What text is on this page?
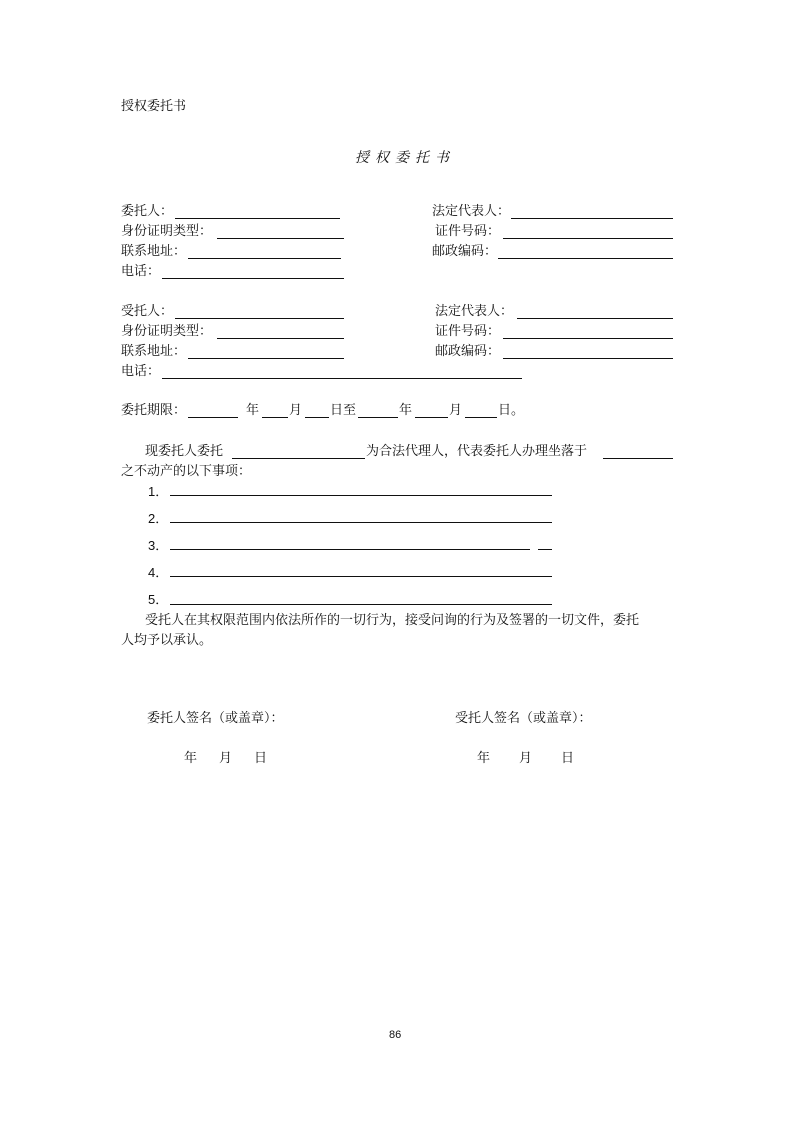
授权委托书
授权委托书
委托人：	法定代表人：
身份证明类型：	证件号码：
联系地址：	邮政编码：
电话：
受托人：	法定代表人：
身份证明类型：	证件号码：
联系地址：	邮政编码：
电话：
委托期限：	年 月 日至	年	月	日。
现委托人委托	为合法代理人，代表委托人办理坐落于
之不动产的以下事项：
1．
2．
3．
4．
5．
受托人在其权限范围内依法所作的一切行为，接受问询的行为及签署的一切文件，委托
人均予以承认。
委托人签名（或盖章）：	受托人签名（或盖章）：
年 月 日	年 月 日
86
